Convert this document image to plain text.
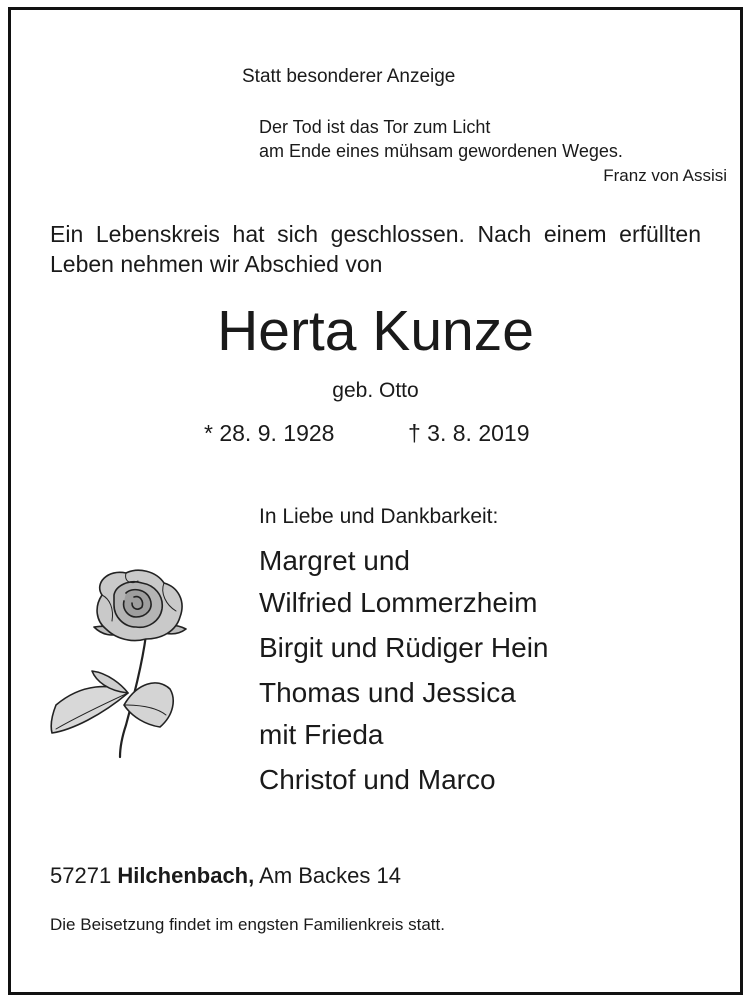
Statt besonderer Anzeige
Der Tod ist das Tor zum Licht
am Ende eines mühsam gewordenen Weges.
Franz von Assisi
Ein Lebenskreis hat sich geschlossen. Nach einem erfüllten Leben nehmen wir Abschied von
Herta Kunze
geb. Otto
* 28. 9. 1928	† 3. 8. 2019
In Liebe und Dankbarkeit:
Margret und
Wilfried Lommerzheim
Birgit und Rüdiger Hein
Thomas und Jessica
mit Frieda
Christof und Marco
57271 Hilchenbach, Am Backes 14
Die Beisetzung findet im engsten Familienkreis statt.
